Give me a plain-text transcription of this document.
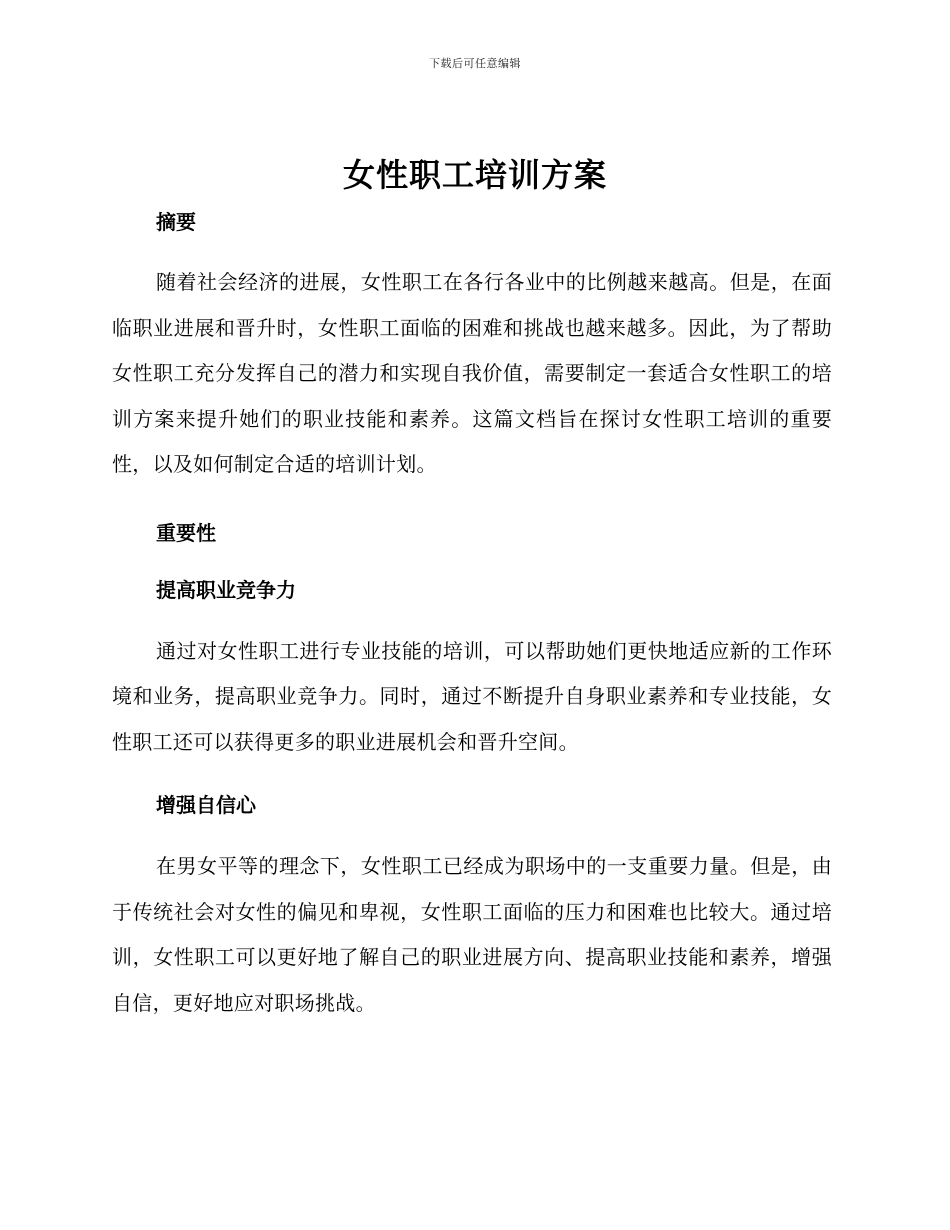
下载后可任意编辑
女性职工培训方案

摘要

随着社会经济的进展，女性职工在各行各业中的比例越来越高。但是，在面临职业进展和晋升时，女性职工面临的困难和挑战也越来越多。因此，为了帮助女性职工充分发挥自己的潜力和实现自我价值，需要制定一套适合女性职工的培训方案来提升她们的职业技能和素养。这篇文档旨在探讨女性职工培训的重要性，以及如何制定合适的培训计划。

重要性

提高职业竞争力

通过对女性职工进行专业技能的培训，可以帮助她们更快地适应新的工作环境和业务，提高职业竞争力。同时，通过不断提升自身职业素养和专业技能，女性职工还可以获得更多的职业进展机会和晋升空间。

增强自信心

在男女平等的理念下，女性职工已经成为职场中的一支重要力量。但是，由于传统社会对女性的偏见和卑视，女性职工面临的压力和困难也比较大。通过培训，女性职工可以更好地了解自己的职业进展方向、提高职业技能和素养，增强自信，更好地应对职场挑战。
